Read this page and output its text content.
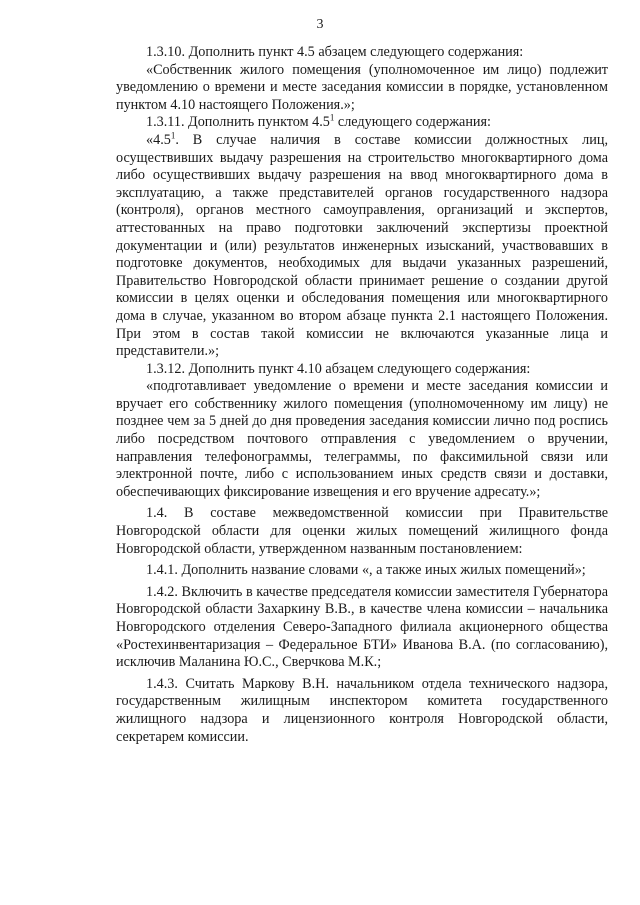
3

1.3.10. Дополнить пункт 4.5 абзацем следующего содержания:

«Собственник жилого помещения (уполномоченное им лицо) подлежит уведомлению о времени и месте заседания комиссии в порядке, установленном пунктом 4.10 настоящего Положения.»;

1.3.11. Дополнить пунктом $4.5^1$ следующего содержания:

«$4.5^1$. В случае наличия в составе комиссии должностных лиц, осуществивших выдачу разрешения на строительство многоквартирного дома либо осуществивших выдачу разрешения на ввод многоквартирного дома в эксплуатацию, а также представителей органов государственного надзора (контроля), органов местного самоуправления, организаций и экспертов, аттестованных на право подготовки заключений экспертизы проектной документации и (или) результатов инженерных изысканий, участвовавших в подготовке документов, необходимых для выдачи указанных разрешений, Правительство Новгородской области принимает решение о создании другой комиссии в целях оценки и обследования помещения или многоквартирного дома в случае, указанном во втором абзаце пункта 2.1 настоящего Положения. При этом в состав такой комиссии не включаются указанные лица и представители.»;

1.3.12. Дополнить пункт 4.10 абзацем следующего содержания:

«подготавливает уведомление о времени и месте заседания комиссии и вручает его собственнику жилого помещения (уполномоченному им лицу) не позднее чем за 5 дней до дня проведения заседания комиссии лично под роспись либо посредством почтового отправления с уведомлением о вручении, направления телефонограммы, телеграммы, по факсимильной связи или электронной почте, либо с использованием иных средств связи и доставки, обеспечивающих фиксирование извещения и его вручение адресату.»;

1.4. В составе межведомственной комиссии при Правительстве Новгородской области для оценки жилых помещений жилищного фонда Новгородской области, утвержденном названным постановлением:

1.4.1. Дополнить название словами «, а также иных жилых помещений»;

1.4.2. Включить в качестве председателя комиссии заместителя Губернатора Новгородской области Захаркину В.В., в качестве члена комиссии – начальника Новгородского отделения Северо-Западного филиала акционерного общества «Ростехинвентаризация – Федеральное БТИ» Иванова В.А. (по согласованию), исключив Маланина Ю.С., Сверчкова М.К.;

1.4.3. Считать Маркову В.Н. начальником отдела технического надзора, государственным жилищным инспектором комитета государственного жилищного надзора и лицензионного контроля Новгородской области, секретарем комиссии.
